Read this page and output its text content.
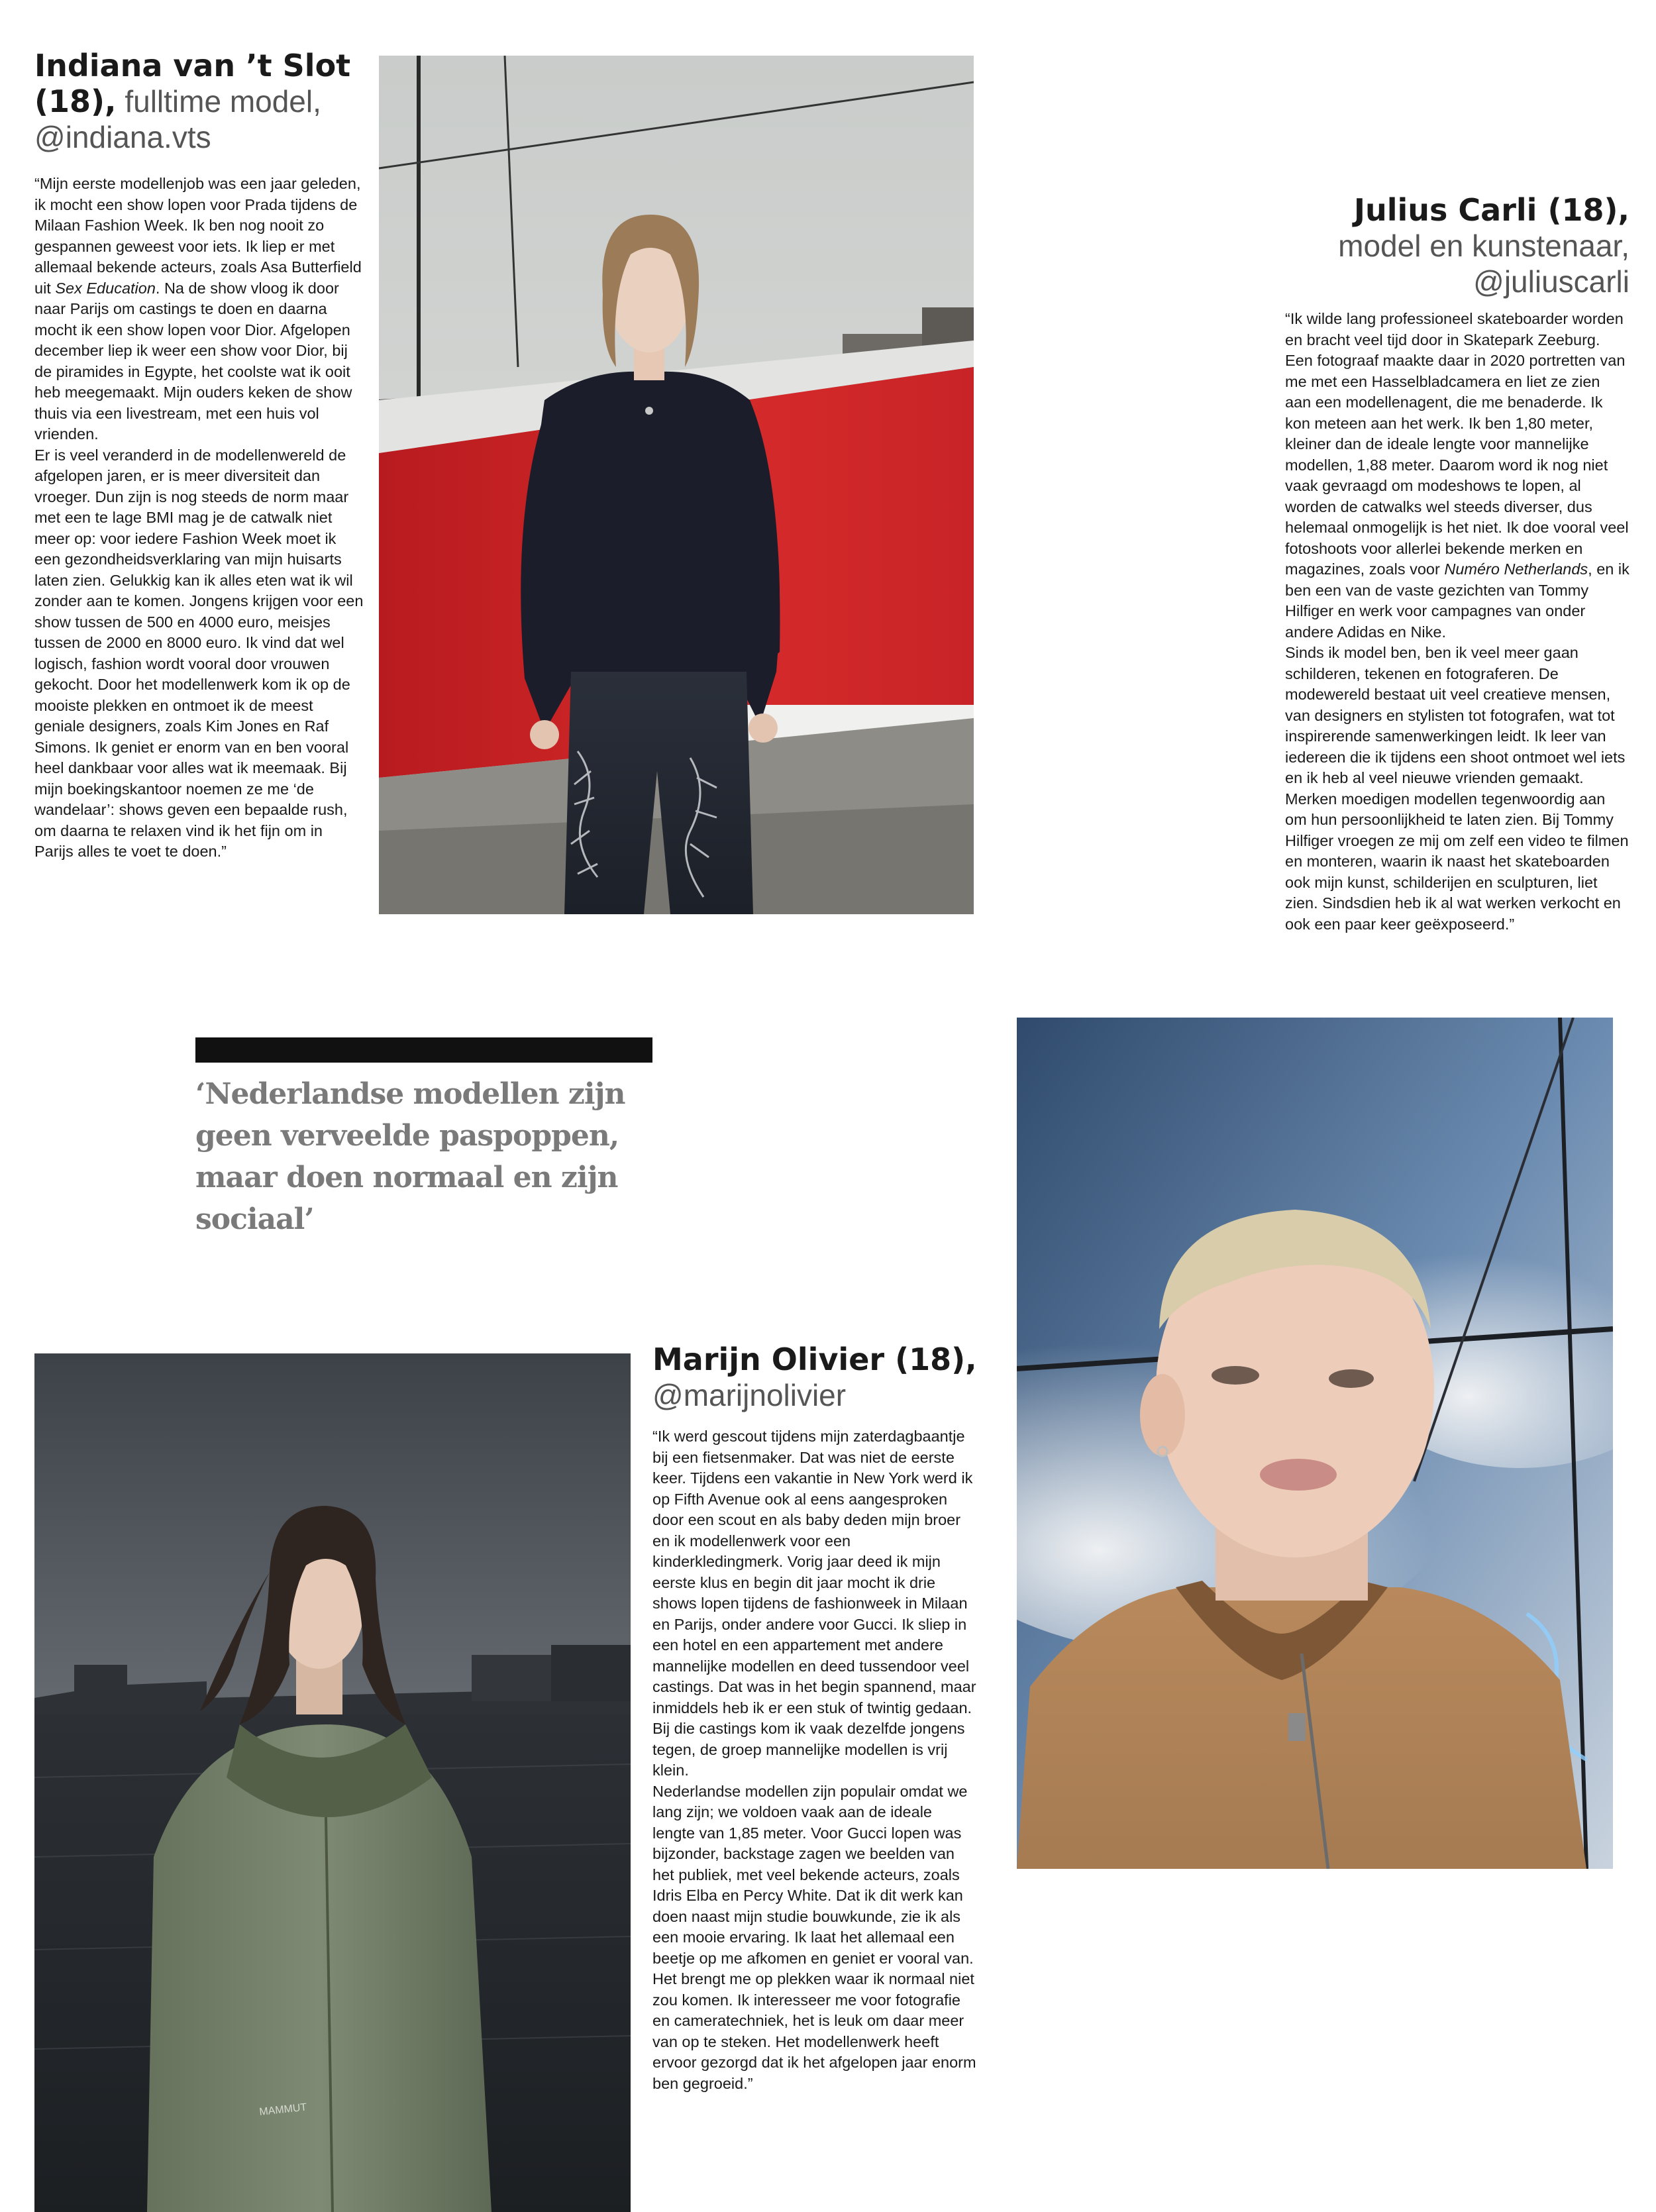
Indiana van ’t Slot
(18), fulltime model,
@indiana.vts

“Mijn eerste modellenjob was een jaar geleden, ik mocht een show lopen voor Prada tijdens de Milaan Fashion Week. Ik ben nog nooit zo gespannen geweest voor iets. Ik liep er met allemaal bekende acteurs, zoals Asa Butterfield uit Sex Education. Na de show vloog ik door naar Parijs om castings te doen en daarna mocht ik een show lopen voor Dior. Afgelopen december liep ik weer een show voor Dior, bij de piramides in Egypte, het coolste wat ik ooit heb meegemaakt. Mijn ouders keken de show thuis via een livestream, met een huis vol vrienden.

Er is veel veranderd in de modellenwereld de afgelopen jaren, er is meer diversiteit dan vroeger. Dun zijn is nog steeds de norm maar met een te lage BMI mag je de catwalk niet meer op: voor iedere Fashion Week moet ik een gezondheidsverklaring van mijn huisarts laten zien. Gelukkig kan ik alles eten wat ik wil zonder aan te komen. Jongens krijgen voor een show tussen de 500 en 4000 euro, meisjes tussen de 2000 en 8000 euro. Ik vind dat wel logisch, fashion wordt vooral door vrouwen gekocht. Door het modellenwerk kom ik op de mooiste plekken en ontmoet ik de meest geniale designers, zoals Kim Jones en Raf Simons. Ik geniet er enorm van en ben vooral heel dankbaar voor alles wat ik meemaak. Bij mijn boekingskantoor noemen ze me ‘de wandelaar’: shows geven een bepaalde rush, om daarna te relaxen vind ik het fijn om in Parijs alles te voet te doen.”

Julius Carli (18), model en kunstenaar, @juliuscarli

“Ik wilde lang professioneel skateboarder worden en bracht veel tijd door in Skatepark Zeeburg. Een fotograaf maakte daar in 2020 portretten van me met een Hasselbladcamera en liet ze zien aan een modellenagent, die me benaderde. Ik kon meteen aan het werk. Ik ben 1,80 meter, kleiner dan de ideale lengte voor mannelijke modellen, 1,88 meter. Daarom word ik nog niet vaak gevraagd om modeshows te lopen, al worden de catwalks wel steeds diverser, dus helemaal onmogelijk is het niet. Ik doe vooral veel fotoshoots voor allerlei bekende merken en magazines, zoals voor Numéro Netherlands, en ik ben een van de vaste gezichten van Tommy Hilfiger en werk voor campagnes van onder andere Adidas en Nike.

Sinds ik model ben, ben ik veel meer gaan schilderen, tekenen en fotograferen. De modewereld bestaat uit veel creatieve mensen, van designers en stylisten tot fotografen, wat tot inspirerende samenwerkingen leidt. Ik leer van iedereen die ik tijdens een shoot ontmoet wel iets en ik heb al veel nieuwe vrienden gemaakt.

Merken moedigen modellen tegenwoordig aan om hun persoonlijkheid te laten zien. Bij Tommy Hilfiger vroegen ze mij om zelf een video te filmen en monteren, waarin ik naast het skateboarden ook mijn kunst, schilderijen en sculpturen, liet zien. Sindsdien heb ik al wat werken verkocht en ook een paar keer geëxposeerd.”

‘Nederlandse modellen zijn geen verveelde paspoppen, maar doen normaal en zijn sociaal’

Marijn Olivier (18),
@marijnolivier

“Ik werd gescout tijdens mijn zaterdagbaantje bij een fietsenmaker. Dat was niet de eerste keer. Tijdens een vakantie in New York werd ik op Fifth Avenue ook al eens aangesproken door een scout en als baby deden mijn broer en ik modellenwerk voor een kinderkledingmerk. Vorig jaar deed ik mijn eerste klus en begin dit jaar mocht ik drie shows lopen tijdens de fashionweek in Milaan en Parijs, onder andere voor Gucci. Ik sliep in een hotel en een appartement met andere mannelijke modellen en deed tussendoor veel castings. Dat was in het begin spannend, maar inmiddels heb ik er een stuk of twintig gedaan. Bij die castings kom ik vaak dezelfde jongens tegen, de groep mannelijke modellen is vrij klein.

Nederlandse modellen zijn populair omdat we lang zijn; we voldoen vaak aan de ideale lengte van 1,85 meter. Voor Gucci lopen was bijzonder, backstage zagen we beelden van het publiek, met veel bekende acteurs, zoals Idris Elba en Percy White. Dat ik dit werk kan doen naast mijn studie bouwkunde, zie ik als een mooie ervaring. Ik laat het allemaal een beetje op me afkomen en geniet er vooral van. Het brengt me op plekken waar ik normaal niet zou komen. Ik interesseer me voor fotografie en cameratechniek, het is leuk om daar meer van op te steken. Het modellenwerk heeft ervoor gezorgd dat ik het afgelopen jaar enorm ben gegroeid.”

MAMMUT
